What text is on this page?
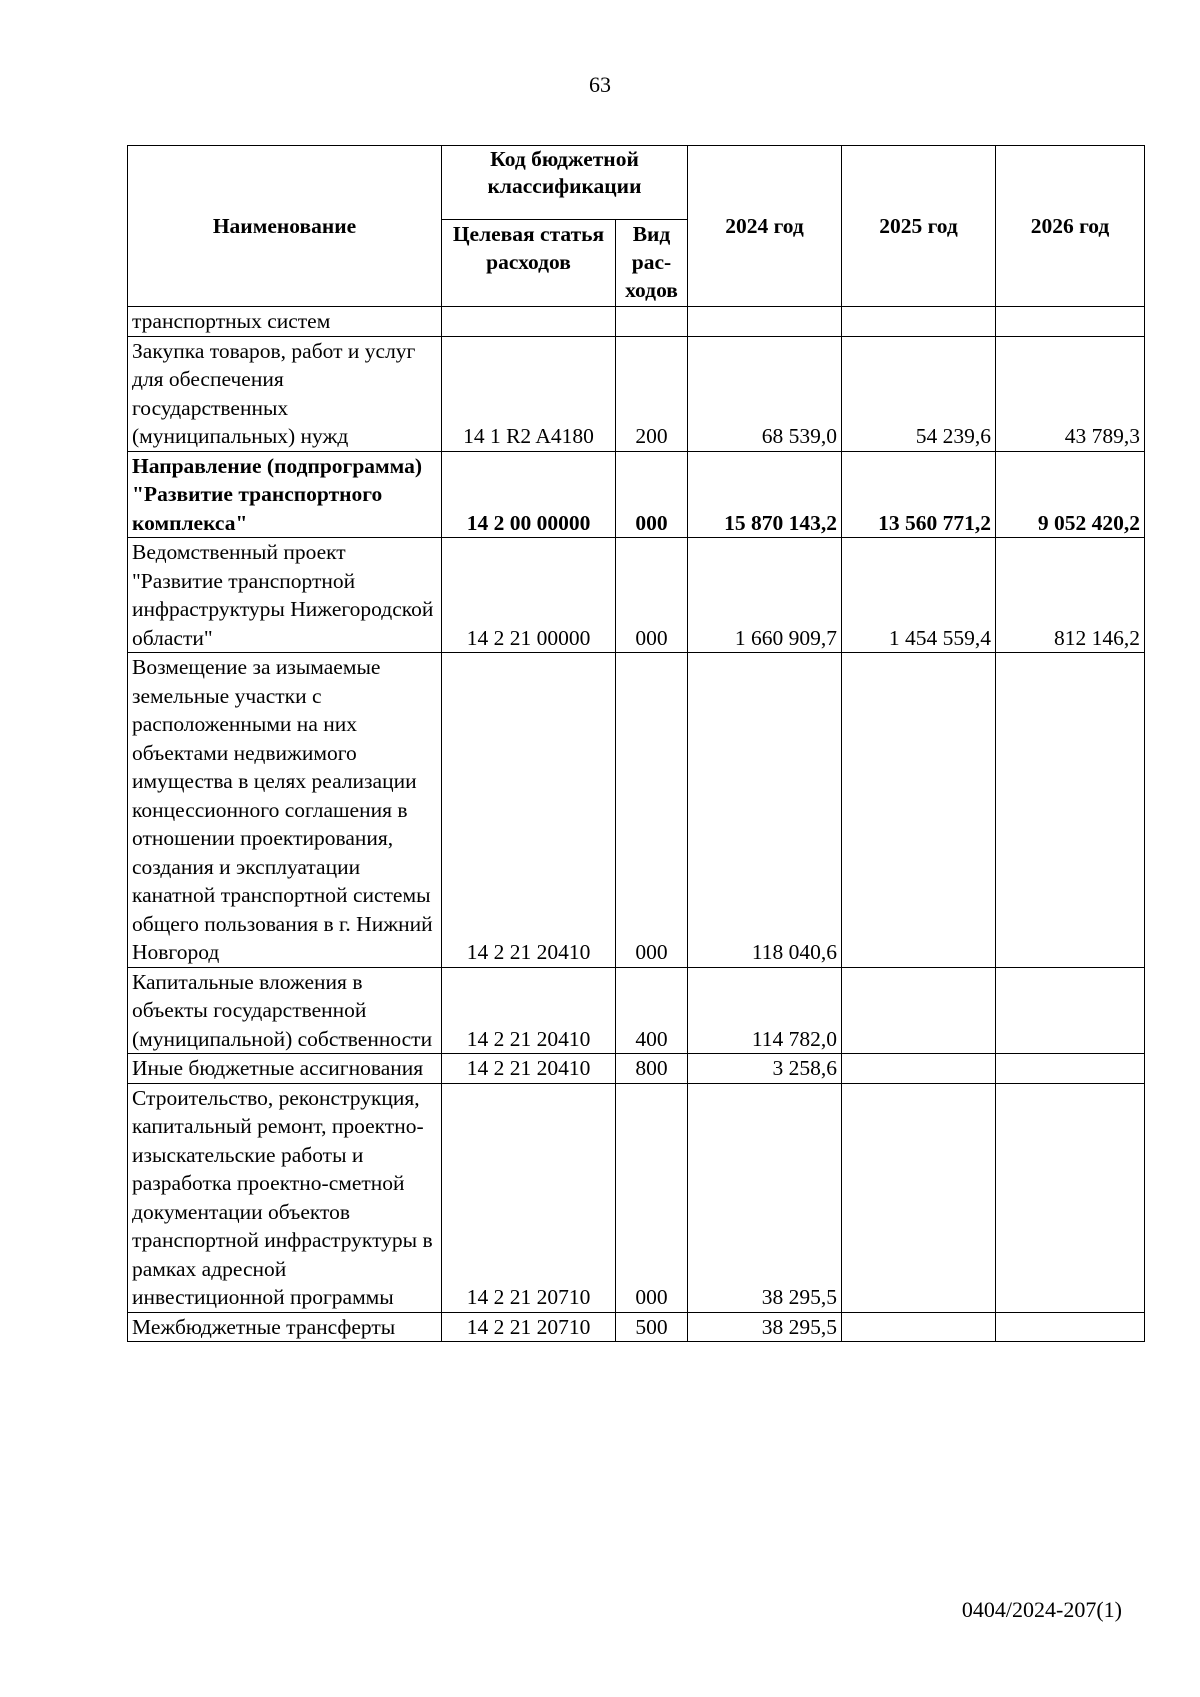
63
Наименование	Код бюджетной классификации		2024 год	2025 год	2026 год
	Целевая статья расходов	Вид рас-ходов			
транспортных систем					
Закупка товаров, работ и услуг для обеспечения государственных (муниципальных) нужд	14 1 R2 A4180	200	68 539,0	54 239,6	43 789,3
Направление (подпрограмма) "Развитие транспортного комплекса"	14 2 00 00000	000	15 870 143,2	13 560 771,2	9 052 420,2
Ведомственный проект "Развитие транспортной инфраструктуры Нижегородской области"	14 2 21 00000	000	1 660 909,7	1 454 559,4	812 146,2
Возмещение за изымаемые земельные участки с расположенными на них объектами недвижимого имущества в целях реализации концессионного соглашения в отношении проектирования, создания и эксплуатации канатной транспортной системы общего пользования в г. Нижний Новгород	14 2 21 20410	000	118 040,6		
Капитальные вложения в объекты государственной (муниципальной) собственности	14 2 21 20410	400	114 782,0		
Иные бюджетные ассигнования	14 2 21 20410	800	3 258,6		
Строительство, реконструкция, капитальный ремонт, проектно-изыскательские работы и разработка проектно-сметной документации объектов транспортной инфраструктуры в рамках адресной инвестиционной программы	14 2 21 20710	000	38 295,5		
Межбюджетные трансферты	14 2 21 20710	500	38 295,5		
0404/2024-207(1)
